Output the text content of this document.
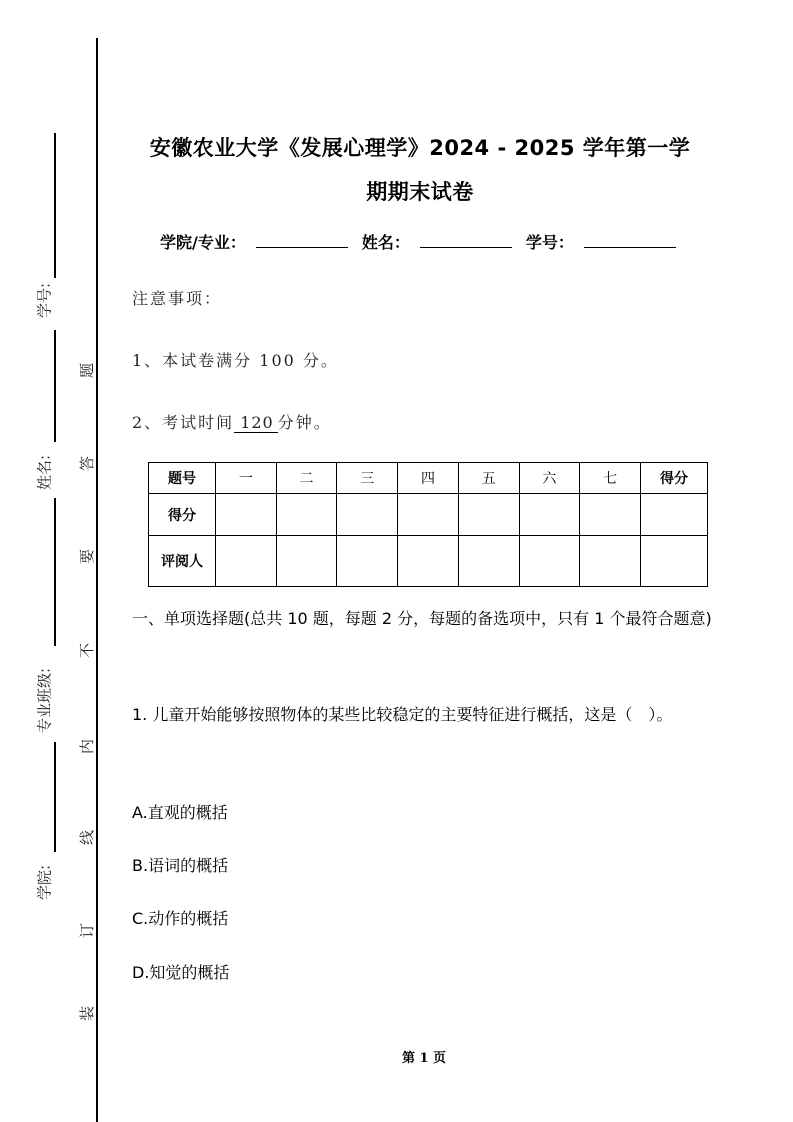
学号:
姓名:
专业班级:
学院:
题
答
要
不
内
线
订
装
安徽农业大学《发展心理学》2024 - 2025 学年第一学
期期末试卷
学院/专业：	姓名：	学号：
注意事项：
1、本试卷满分 100 分。
2、考试时间 120 分钟。
题号	一	二	三	四	五	六	七	得分
得分								
评阅人								
一、单项选择题(总共 10 题，每题 2 分，每题的备选项中，只有 1 个最符合题意)
1. 儿童开始能够按照物体的某些比较稳定的主要特征进行概括，这是（　）。
A.直观的概括
B.语词的概括
C.动作的概括
D.知觉的概括
第 1 页
